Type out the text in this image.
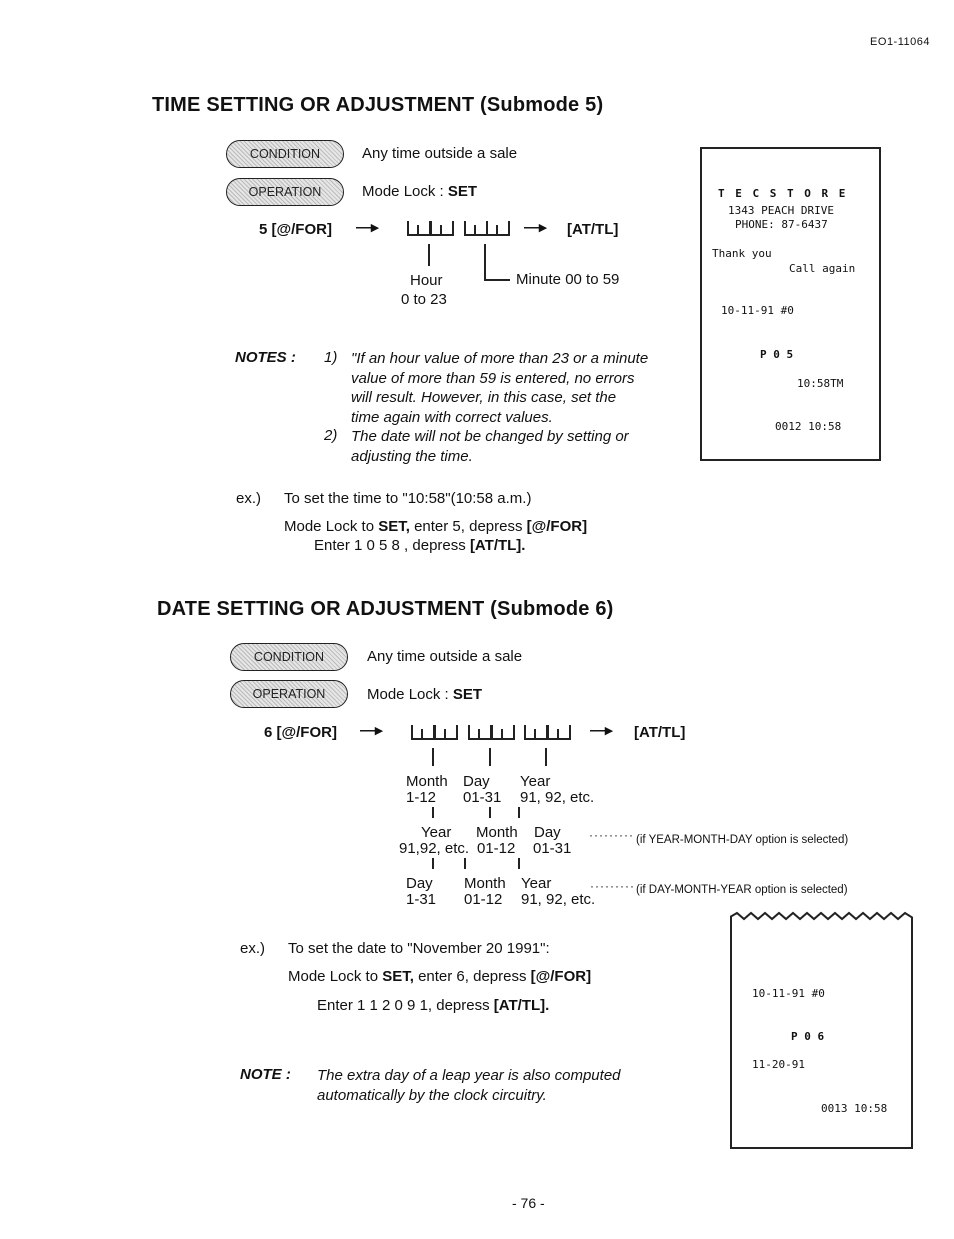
EO1-11064
TIME SETTING OR ADJUSTMENT (Submode 5)
CONDITION	Any time outside a sale
OPERATION	Mode Lock : SET
5 [@/FOR] —▸	—▸ [AT/TL]
Hour
0 to 23
Minute 00 to 59
NOTES : 1) "If an hour value of more than 23 or a minute
value of more than 59 is entered, no errors
will result. However, in this case, set the
time again with correct values.
2) The date will not be changed by setting or
adjusting the time.
ex.) To set the time to "10:58"(10:58 a.m.)
Mode Lock to SET, enter 5, depress [@/FOR]
Enter 1 0 5 8 , depress [AT/TL].
T E C S T O R E
1343 PEACH DRIVE
PHONE: 87-6437
Thank you
Call again
10-11-91 #0
P 0 5
10:58TM
0012 10:58
DATE SETTING OR ADJUSTMENT (Submode 6)
CONDITION	Any time outside a sale
OPERATION	Mode Lock : SET
6 [@/FOR] —▸	—▸ [AT/TL]
Month Day Year
1-12 01-31 91, 92, etc.
Year Month Day
91,92, etc. 01-12 01-31
········· (if YEAR-MONTH-DAY option is selected)
Day Month Year
1-31 01-12 91, 92, etc.
········· (if DAY-MONTH-YEAR option is selected)
ex.) To set the date to "November 20 1991":
Mode Lock to SET, enter 6, depress [@/FOR]
Enter 1 1 2 0 9 1, depress [AT/TL].
NOTE : The extra day of a leap year is also computed
automatically by the clock circuitry.
10-11-91 #0
P 0 6
11-20-91
0013 10:58
- 76 -
